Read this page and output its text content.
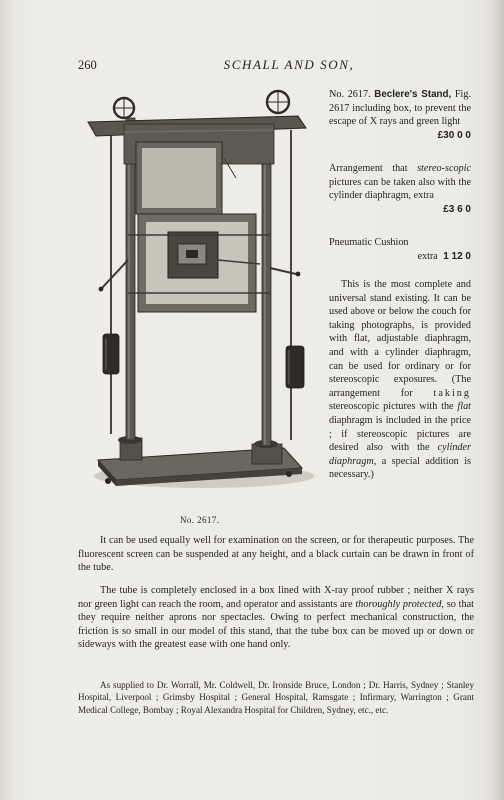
260	SCHALL AND SON,
No. 2617.

No. 2617. Beclere's Stand, Fig. 2617 including box, to prevent the escape of X rays and green light

£30 0 0

Arrangement that stereo-scopic pictures can be taken also with the cylinder diaphragm, extra

£3 6 0

Pneumatic Cushion

extra 1 12 0

This is the most complete and universal stand existing. It can be used above or below the couch for taking photographs, is provided with flat, adjustable diaphragm, and with a cylinder diaphragm, can be used for ordinary or for stereoscopic exposures. (The arrangement for taking stereoscopic pictures with the flat diaphragm is included in the price ; if stereoscopic pictures are desired also with the cylinder diaphragm, a special addition is necessary.)

It can be used equally well for examination on the screen, or for therapeutic purposes. The fluorescent screen can be suspended at any height, and a black curtain can be drawn in front of the tube.

The tube is completely enclosed in a box lined with X-ray proof rubber ; neither X rays nor green light can reach the room, and operator and assistants are thoroughly protected, so that they require neither aprons nor spectacles. Owing to perfect mechanical construction, the friction is so small in our model of this stand, that the tube box can be moved up or down or sideways with the greatest ease with one hand only.

As supplied to Dr. Worrall, Mr. Coldwell, Dr. Ironside Bruce, London ; Dr. Harris, Sydney ; Stanley Hospital, Liverpool ; Grimsby Hospital ; General Hospital, Ramsgate ; Infirmary, Warrington ; Grant Medical College, Bombay ; Royal Alexandra Hospital for Children, Sydney, etc., etc.
